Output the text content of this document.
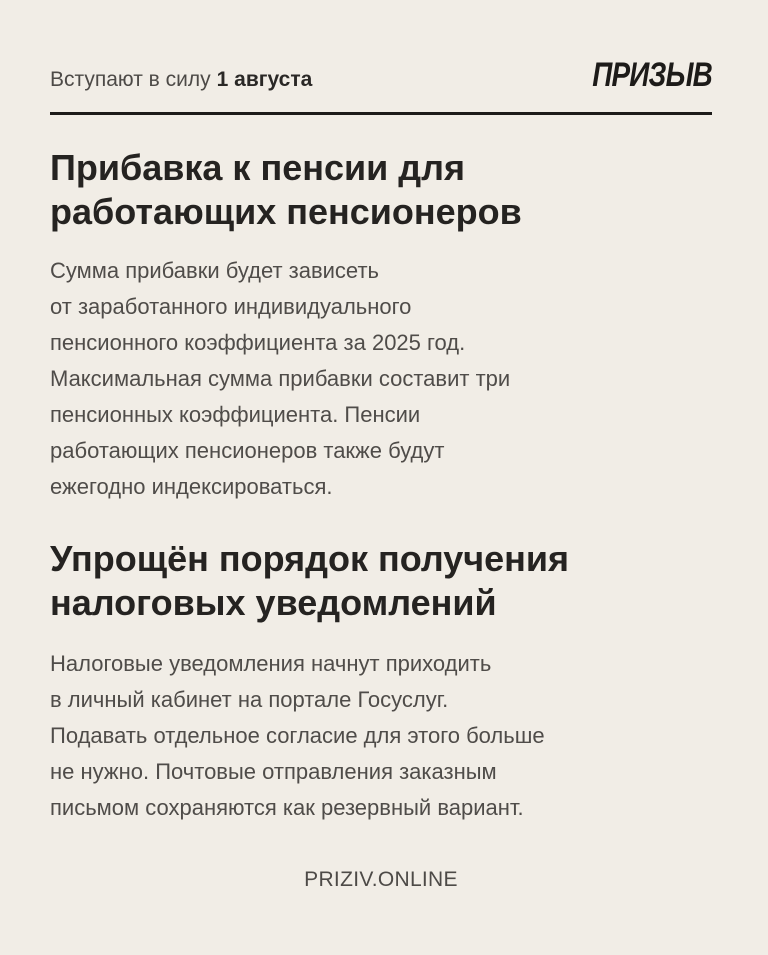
Вступают в силу 1 августа	ПРИЗЫВ
Прибавка к пенсии для
работающих пенсионеров

Сумма прибавки будет зависеть
от заработанного индивидуального
пенсионного коэффициента за 2025 год.
Максимальная сумма прибавки составит три
пенсионных коэффициента. Пенсии
работающих пенсионеров также будут
ежегодно индексироваться.

Упрощён порядок получения
налоговых уведомлений

Налоговые уведомления начнут приходить
в личный кабинет на портале Госуслуг.
Подавать отдельное согласие для этого больше
не нужно. Почтовые отправления заказным
письмом сохраняются как резервный вариант.

PRIZIV.ONLINE
